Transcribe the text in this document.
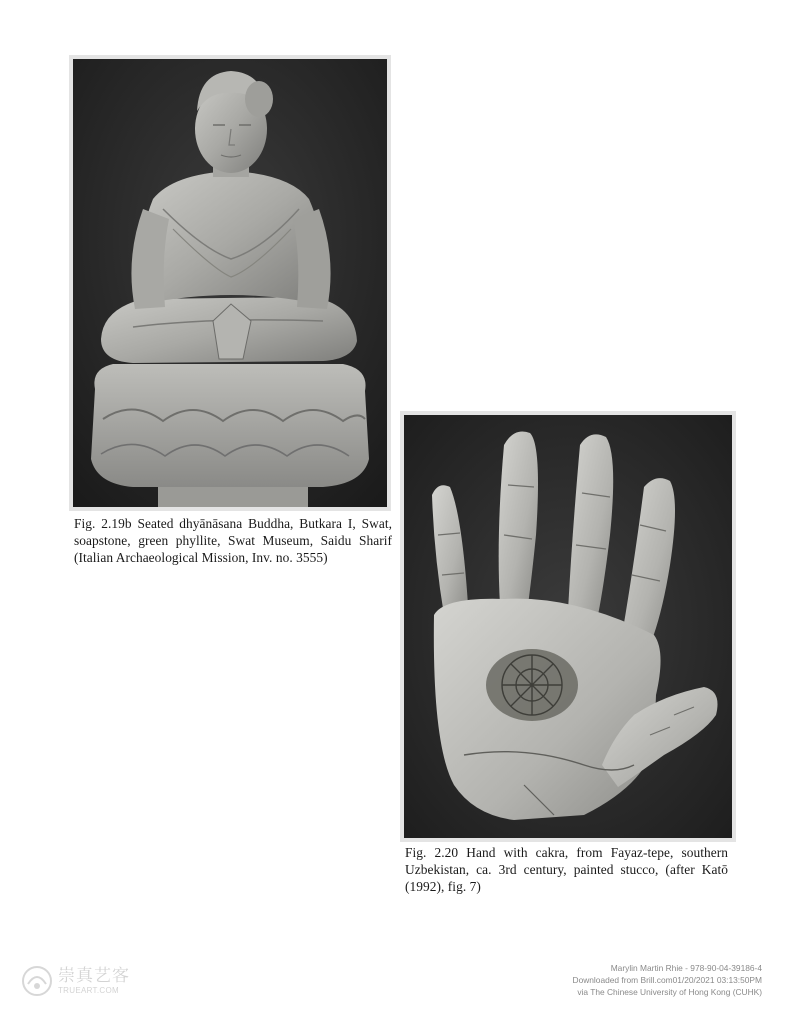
Fig. 2.19b Seated dhyānāsana Buddha, Butkara I, Swat, soapstone, green phyllite, Swat Museum, Saidu Sharif (Italian Archaeological Mission, Inv. no. 3555)
Fig. 2.20 Hand with cakra, from Fayaz-tepe, southern Uzbekistan, ca. 3rd century, painted stucco, (after Katō (1992), fig. 7)
Marylin Martin Rhie - 978-90-04-39186-4
Downloaded from Brill.com01/20/2021 03:13:50PM
via The Chinese University of Hong Kong (CUHK)
崇真艺客
TRUEART.COM
